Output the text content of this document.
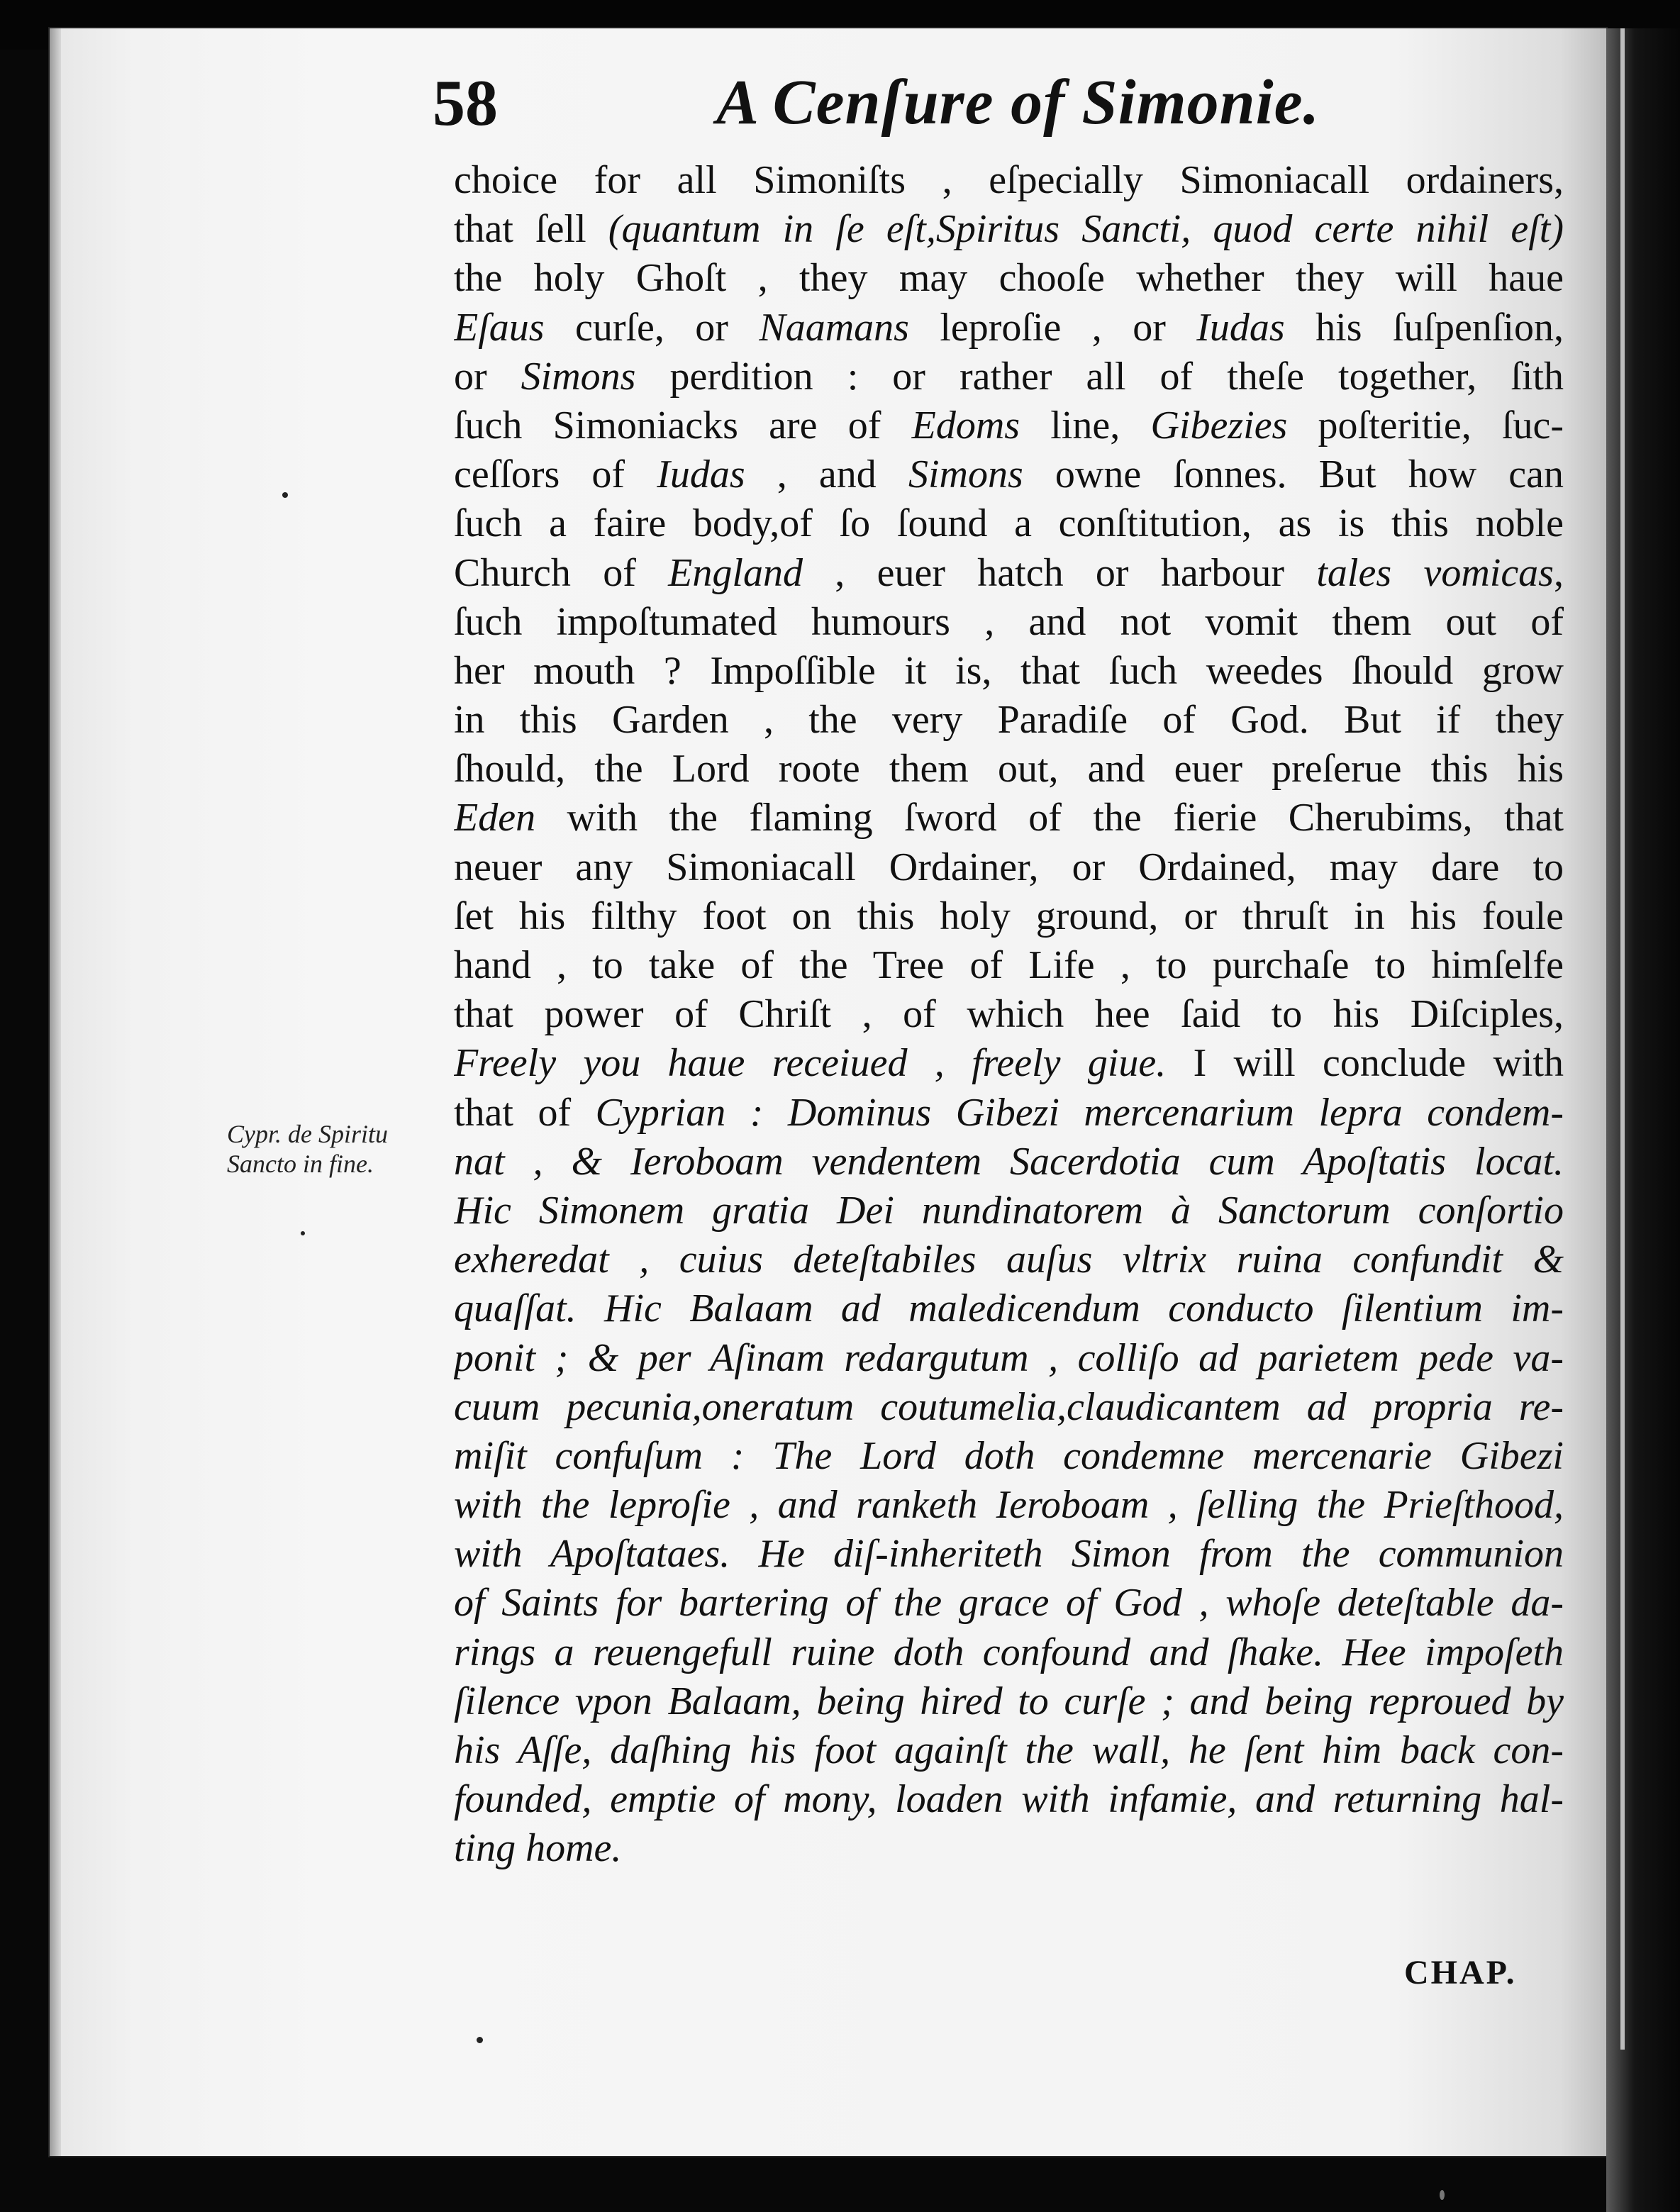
58	A Cenſure of Simonie.
choice for all Simoniſts , eſpecially Simoniacall ordainers,
that ſell (quantum in ſe eſt,Spiritus Sancti, quod certe nihil eſt)
the holy Ghoſt , they may chooſe whether they will haue
Eſaus curſe, or Naamans leproſie , or Iudas his ſuſpenſion,
or Simons perdition : or rather all of theſe together, ſith
ſuch Simoniacks are of Edoms line, Gibezies poſteritie, ſuc-
ceſſors of Iudas , and Simons owne ſonnes. But how can
ſuch a faire body,of ſo ſound a conſtitution, as is this noble
Church of England , euer hatch or harbour tales vomicas,
ſuch impoſtumated humours , and not vomit them out of
her mouth ? Impoſſible it is, that ſuch weedes ſhould grow
in this Garden , the very Paradiſe of God. But if they
ſhould, the Lord roote them out, and euer preſerue this his
Eden with the flaming ſword of the fierie Cherubims, that
neuer any Simoniacall Ordainer, or Ordained, may dare to
ſet his filthy foot on this holy ground, or thruſt in his foule
hand , to take of the Tree of Life , to purchaſe to himſelfe
that power of Chriſt , of which hee ſaid to his Diſciples,
Freely you haue receiued , freely giue. I will conclude with
that of Cyprian : Dominus Gibezi mercenarium lepra condem-
nat , & Ieroboam vendentem Sacerdotia cum Apoſtatis locat.
Hic Simonem gratia Dei nundinatorem à Sanctorum conſortio
exheredat , cuius deteſtabiles auſus vltrix ruina confundit &
quaſſat. Hic Balaam ad maledicendum conducto ſilentium im-
ponit ; & per Aſinam redargutum , colliſo ad parietem pede va-
cuum pecunia,oneratum coutumelia,claudicantem ad propria re-
miſit confuſum : The Lord doth condemne mercenarie Gibezi
with the leproſie , and ranketh Ieroboam , ſelling the Prieſthood,
with Apoſtataes. He diſ-inheriteth Simon from the communion
of Saints for bartering of the grace of God , whoſe deteſtable da-
rings a reuengefull ruine doth confound and ſhake. Hee impoſeth
ſilence vpon Balaam, being hired to curſe ; and being reproued by
his Aſſe, daſhing his foot againſt the wall, he ſent him back con-
founded, emptie of mony, loaden with infamie, and returning hal-
ting home.
Cypr. de Spiritu
Sancto in fine.
CHAP.
